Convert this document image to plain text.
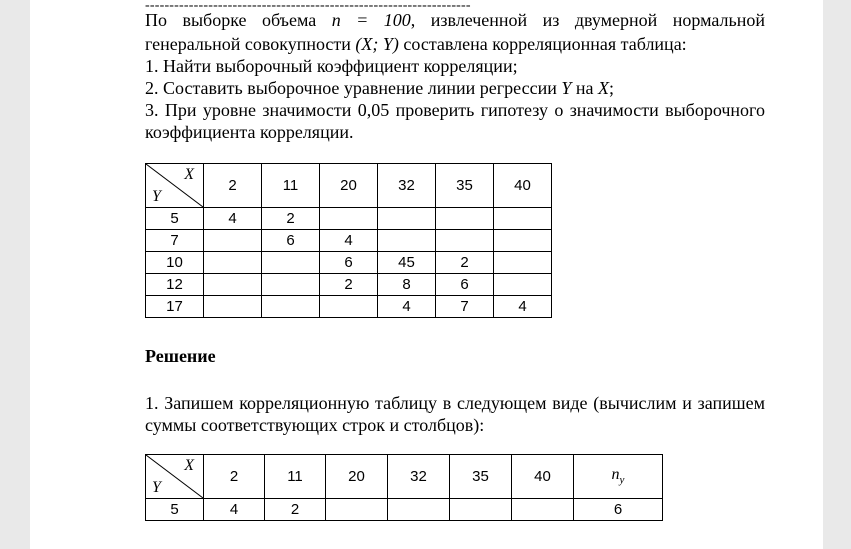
-------------------------------------------------------------------
По выборке объема n = 100, извлеченной из двумерной нормальной
генеральной совокупности (X; Y) составлена корреляционная таблица:
1. Найти выборочный коэффициент корреляции;
2. Составить выборочное уравнение линии регрессии Y на X;
3. При уровне значимости 0,05 проверить гипотезу о значимости выборочного
коэффициента корреляции.
X
Y	2	11	20	32	35	40
5	4	2				
7		6	4			
10			6	45	2	
12			2	8	6	
17				4	7	4
Решение
1. Запишем корреляционную таблицу в следующем виде (вычислим и запишем
суммы соответствующих строк и столбцов):
X
Y	2	11	20	32	35	40	$n_y$
5	4	2					6
